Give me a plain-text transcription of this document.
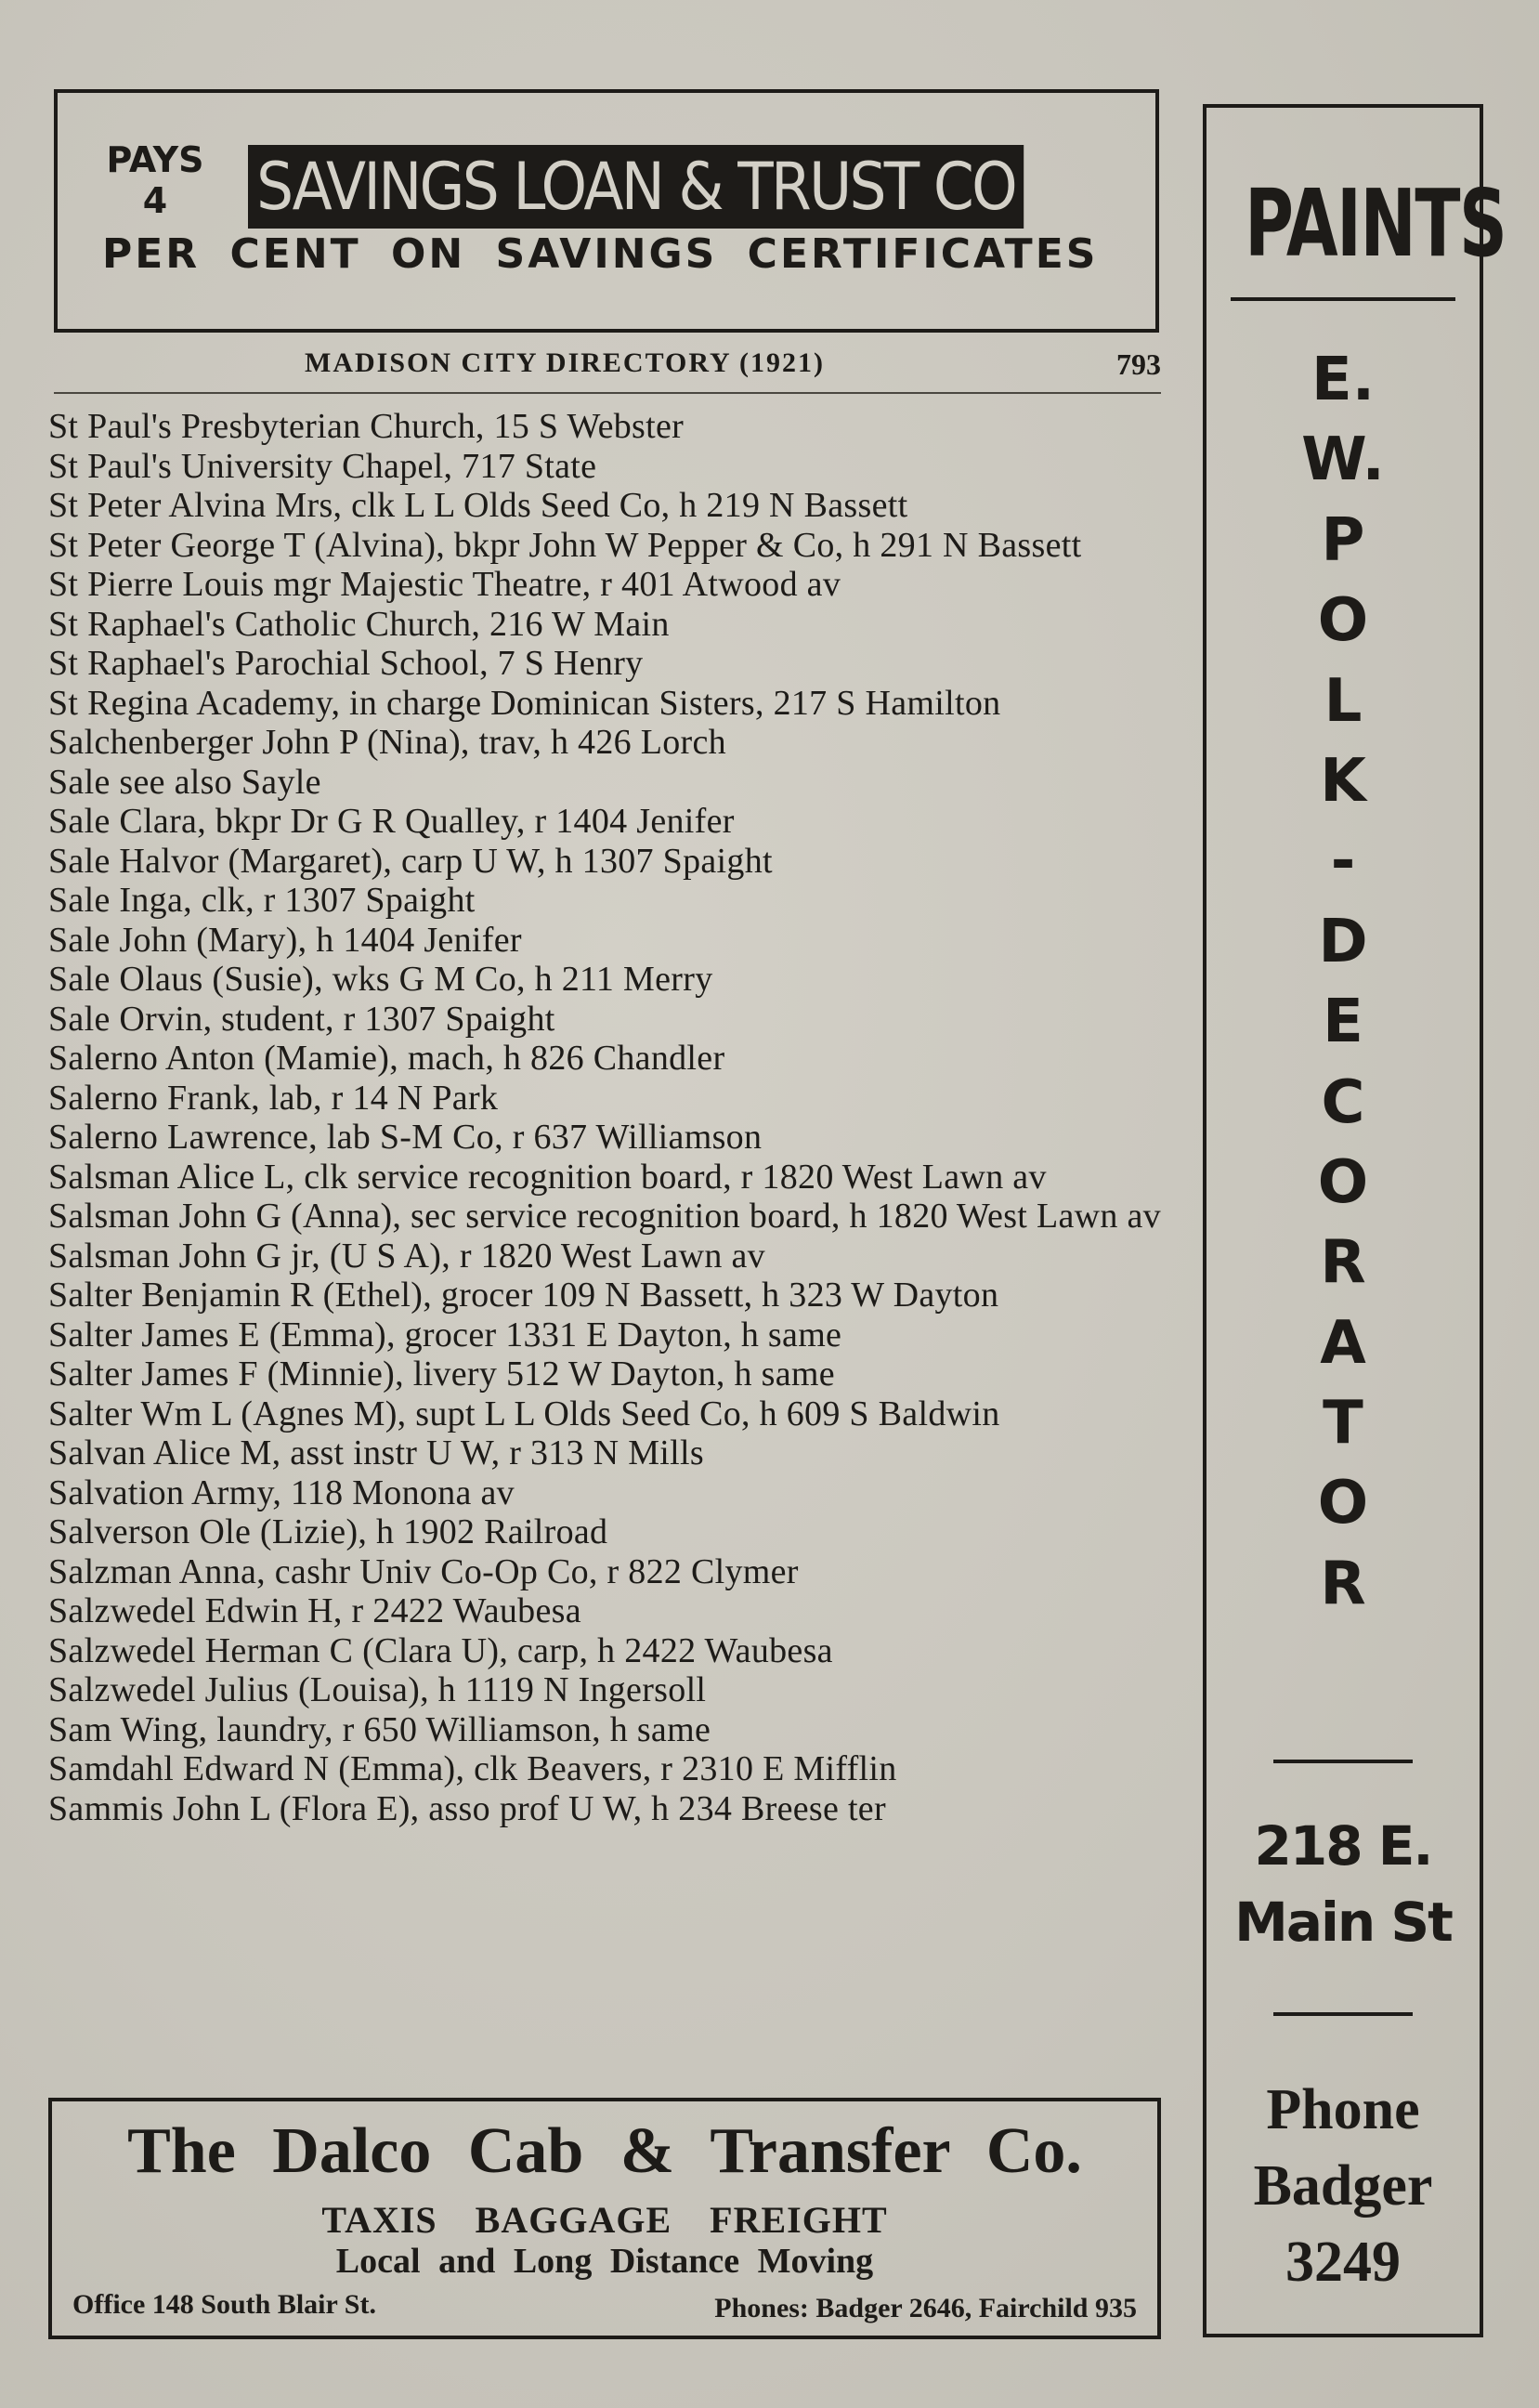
PAYS
4	SAVINGS LOAN & TRUST CO
PER CENT ON SAVINGS CERTIFICATES
MADISON CITY DIRECTORY (1921)	793
St Paul's Presbyterian Church, 15 S Webster
St Paul's University Chapel, 717 State
St Peter Alvina Mrs, clk L L Olds Seed Co, h 219 N Bassett
St Peter George T (Alvina), bkpr John W Pepper & Co, h 291 N Bassett
St Pierre Louis mgr Majestic Theatre, r 401 Atwood av
St Raphael's Catholic Church, 216 W Main
St Raphael's Parochial School, 7 S Henry
St Regina Academy, in charge Dominican Sisters, 217 S Hamilton
Salchenberger John P (Nina), trav, h 426 Lorch
Sale see also Sayle
Sale Clara, bkpr Dr G R Qualley, r 1404 Jenifer
Sale Halvor (Margaret), carp U W, h 1307 Spaight
Sale Inga, clk, r 1307 Spaight
Sale John (Mary), h 1404 Jenifer
Sale Olaus (Susie), wks G M Co, h 211 Merry
Sale Orvin, student, r 1307 Spaight
Salerno Anton (Mamie), mach, h 826 Chandler
Salerno Frank, lab, r 14 N Park
Salerno Lawrence, lab S-M Co, r 637 Williamson
Salsman Alice L, clk service recognition board, r 1820 West Lawn av
Salsman John G (Anna), sec service recognition board, h 1820 West Lawn av
Salsman John G jr, (U S A), r 1820 West Lawn av
Salter Benjamin R (Ethel), grocer 109 N Bassett, h 323 W Dayton
Salter James E (Emma), grocer 1331 E Dayton, h same
Salter James F (Minnie), livery 512 W Dayton, h same
Salter Wm L (Agnes M), supt L L Olds Seed Co, h 609 S Baldwin
Salvan Alice M, asst instr U W, r 313 N Mills
Salvation Army, 118 Monona av
Salverson Ole (Lizie), h 1902 Railroad
Salzman Anna, cashr Univ Co-Op Co, r 822 Clymer
Salzwedel Edwin H, r 2422 Waubesa
Salzwedel Herman C (Clara U), carp, h 2422 Waubesa
Salzwedel Julius (Louisa), h 1119 N Ingersoll
Sam Wing, laundry, r 650 Williamson, h same
Samdahl Edward N (Emma), clk Beavers, r 2310 E Mifflin
Sammis John L (Flora E), asso prof U W, h 234 Breese ter
The Dalco Cab & Transfer Co.
TAXIS BAGGAGE FREIGHT
Local and Long Distance Moving
Office 148 South Blair St.	Phones: Badger 2646, Fairchild 935
PAINTS
E.
W.
P
O
L
K
-
D
E
C
O
R
A
T
O
R
218 E.
Main St
Phone
Badger
3249
